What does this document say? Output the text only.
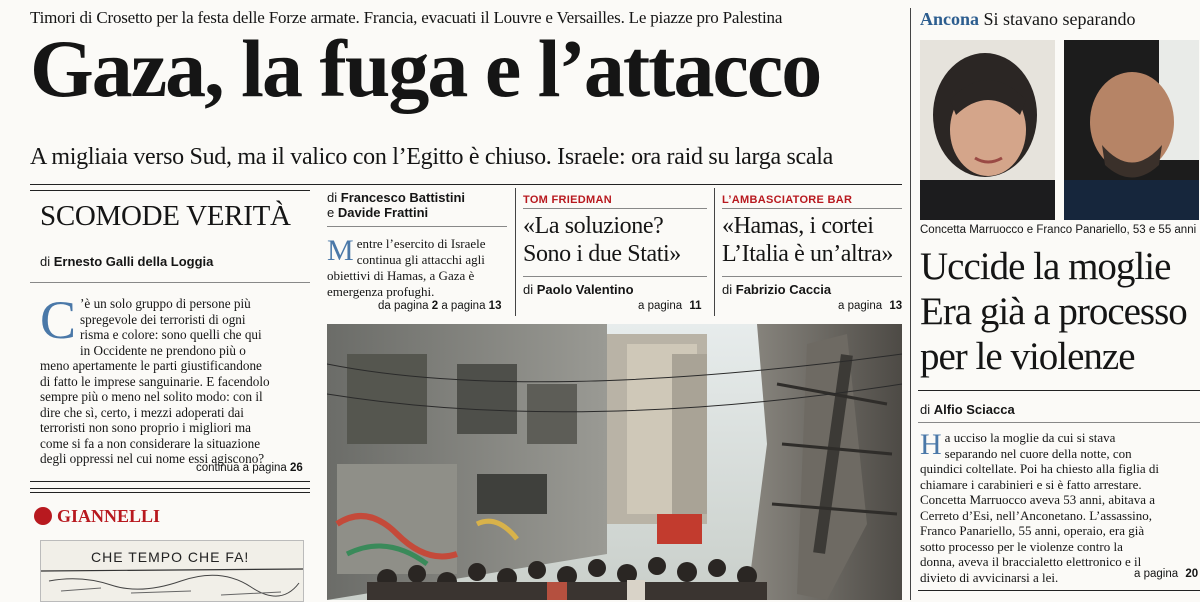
Timori di Crosetto per la festa delle Forze armate. Francia, evacuati il Louvre e Versailles. Le piazze pro Palestina
Gaza, la fuga e l’attacco
A migliaia verso Sud, ma il valico con l’Egitto è chiuso. Israele: ora raid su larga scala
SCOMODE VERITÀ
di Ernesto Galli della Loggia
C ’è un solo gruppo di persone più
spregevole dei terroristi di ogni
risma e colore: sono quelli che qui
in Occidente ne prendono più o
meno apertamente le parti giustificandone
di fatto le imprese sanguinarie. E facendolo
sempre più o meno nel solito modo: con il
dire che sì, certo, i mezzi adoperati dai
terroristi non sono proprio i migliori ma
come si fa a non considerare la situazione
degli oppressi nel cui nome essi agiscono?
continua a pagina 26
GIANNELLI
CHE TEMPO CHE FA!
di Francesco Battistini
e Davide Frattini
M entre l’esercito di Israele
continua gli attacchi agli
obiettivi di Hamas, a Gaza è
emergenza profughi.
da pagina 2 a pagina 13
TOM FRIEDMAN
«La soluzione? Sono i due Stati»
di Paolo Valentino
a pagina 11
L’AMBASCIATORE BAR
«Hamas, i cortei
L’Italia è un’altra»
di Fabrizio Caccia
a pagina 13
Ancona Si stavano separando
Concetta Marruocco e Franco Panariello, 53 e 55 anni
Uccide la moglie
Era già a processo
per le violenze
di Alfio Sciacca
H a ucciso la moglie da cui si stava
separando nel cuore della notte, con
quindici coltellate. Poi ha chiesto alla figlia di
chiamare i carabinieri e si è fatto arrestare.
Concetta Marruocco aveva 53 anni, abitava a
Cerreto d’Esi, nell’Anconetano. L’assassino,
Franco Panariello, 55 anni, operaio, era già
sotto processo per le violenze contro la
donna, aveva il braccialetto elettronico e il
divieto di avvicinarsi a lei.	a pagina 20
